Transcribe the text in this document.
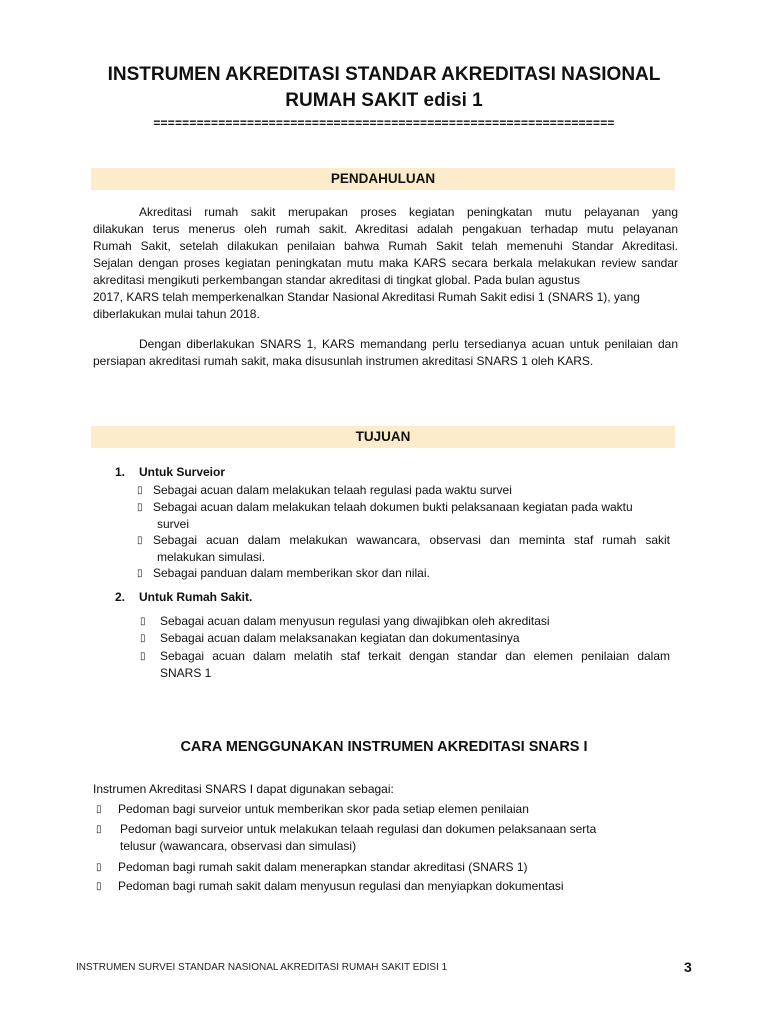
INSTRUMEN AKREDITASI STANDAR AKREDITASI NASIONAL
RUMAH SAKIT edisi 1
================================================================
PENDAHULUAN
Akreditasi rumah sakit merupakan proses kegiatan peningkatan mutu pelayanan yang
dilakukan terus menerus oleh rumah sakit. Akreditasi adalah pengakuan terhadap mutu pelayanan
Rumah Sakit, setelah dilakukan penilaian bahwa Rumah Sakit telah memenuhi Standar Akreditasi.
Sejalan dengan proses kegiatan peningkatan mutu maka KARS secara berkala melakukan review sandar
akreditasi mengikuti perkembangan standar akreditasi di tingkat global. Pada bulan agustus
2017, KARS telah memperkenalkan Standar Nasional Akreditasi Rumah Sakit edisi 1 (SNARS 1), yang
diberlakukan mulai tahun 2018.
Dengan diberlakukan SNARS 1, KARS memandang perlu tersedianya acuan untuk penilaian dan
persiapan akreditasi rumah sakit, maka disusunlah instrumen akreditasi SNARS 1 oleh KARS.
TUJUAN
1. Untuk Surveior
▯ Sebagai acuan dalam melakukan telaah regulasi pada waktu survei
▯ Sebagai acuan dalam melakukan telaah dokumen bukti pelaksanaan kegiatan pada waktu
survei
▯ Sebagai acuan dalam melakukan wawancara, observasi dan meminta staf rumah sakit
melakukan simulasi.
▯ Sebagai panduan dalam memberikan skor dan nilai.
2. Untuk Rumah Sakit.
▯ Sebagai acuan dalam menyusun regulasi yang diwajibkan oleh akreditasi
▯ Sebagai acuan dalam melaksanakan kegiatan dan dokumentasinya
▯ Sebagai acuan dalam melatih staf terkait dengan standar dan elemen penilaian dalam
SNARS 1
CARA MENGGUNAKAN INSTRUMEN AKREDITASI SNARS I
Instrumen Akreditasi SNARS I dapat digunakan sebagai:
▯ Pedoman bagi surveior untuk memberikan skor pada setiap elemen penilaian
▯ Pedoman bagi surveior untuk melakukan telaah regulasi dan dokumen pelaksanaan serta
telusur (wawancara, observasi dan simulasi)
▯ Pedoman bagi rumah sakit dalam menerapkan standar akreditasi (SNARS 1)
▯ Pedoman bagi rumah sakit dalam menyusun regulasi dan menyiapkan dokumentasi
INSTRUMEN SURVEI STANDAR NASIONAL AKREDITASI RUMAH SAKIT EDISI 1	3
